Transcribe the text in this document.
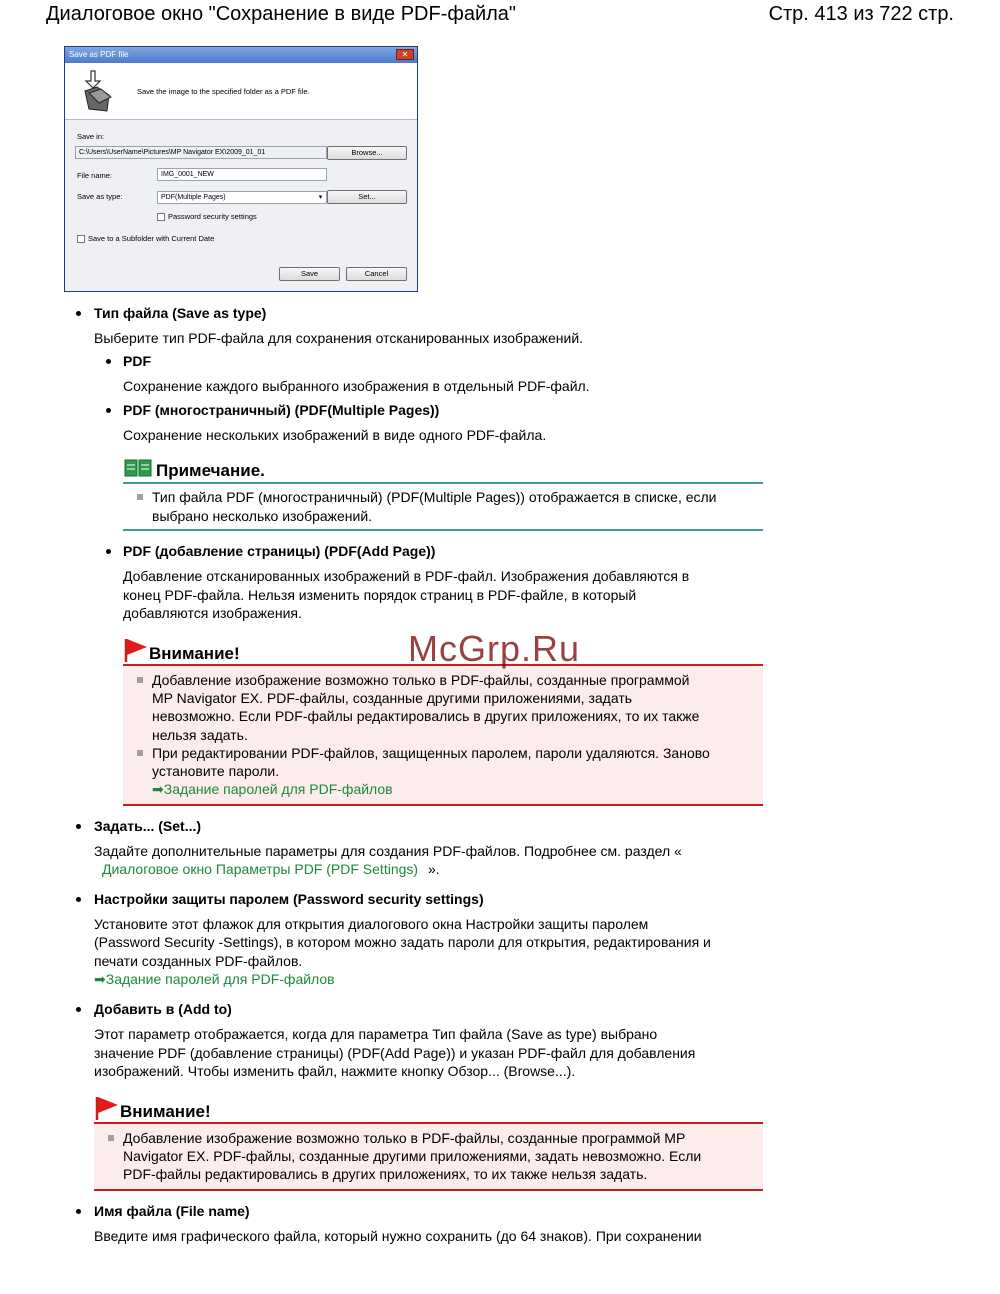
Диалоговое окно "Сохранение в виде PDF-файла"	Стр. 413 из 722 стр.
Save as PDF file	✕
Save the image to the specified folder as a PDF file.
Save in:
C:\Users\UserName\Pictures\MP Navigator EX\2009_01_01	Browse...
File name:	IMG_0001_NEW
Save as type:	PDF(Multiple Pages)	▾	Set...
Password security settings
Save to a Subfolder with Current Date
Save	Cancel
Тип файла (Save as type)
Выберите тип PDF-файла для сохранения отсканированных изображений.
PDF
Сохранение каждого выбранного изображения в отдельный PDF-файл.
PDF (многостраничный) (PDF(Multiple Pages))
Сохранение нескольких изображений в виде одного PDF-файла.
Примечание.
Тип файла PDF (многостраничный) (PDF(Multiple Pages)) отображается в списке, если
выбрано несколько изображений.
PDF (добавление страницы) (PDF(Add Page))
Добавление отсканированных изображений в PDF-файл. Изображения добавляются в
конец PDF-файла. Нельзя изменить порядок страниц в PDF-файле, в который
добавляются изображения.
Внимание!
Добавление изображение возможно только в PDF-файлы, созданные программой
MP Navigator EX. PDF-файлы, созданные другими приложениями, задать
невозможно. Если PDF-файлы редактировались в других приложениях, то их также
нельзя задать.
При редактировании PDF-файлов, защищенных паролем, пароли удаляются. Заново
установите пароли.
➡Задание паролей для PDF-файлов
McGrp.Ru
Задать... (Set...)
Задайте дополнительные параметры для создания PDF-файлов. Подробнее см. раздел «
Диалоговое окно Параметры PDF (PDF Settings) ».
Настройки защиты паролем (Password security settings)
Установите этот флажок для открытия диалогового окна Настройки защиты паролем
(Password Security -Settings), в котором можно задать пароли для открытия, редактирования и
печати созданных PDF-файлов.
➡Задание паролей для PDF-файлов
Добавить в (Add to)
Этот параметр отображается, когда для параметра Тип файла (Save as type) выбрано
значение PDF (добавление страницы) (PDF(Add Page)) и указан PDF-файл для добавления
изображений. Чтобы изменить файл, нажмите кнопку Обзор... (Browse...).
Внимание!
Добавление изображение возможно только в PDF-файлы, созданные программой MP
Navigator EX. PDF-файлы, созданные другими приложениями, задать невозможно. Если
PDF-файлы редактировались в других приложениях, то их также нельзя задать.
Имя файла (File name)
Введите имя графического файла, который нужно сохранить (до 64 знаков). При сохранении
